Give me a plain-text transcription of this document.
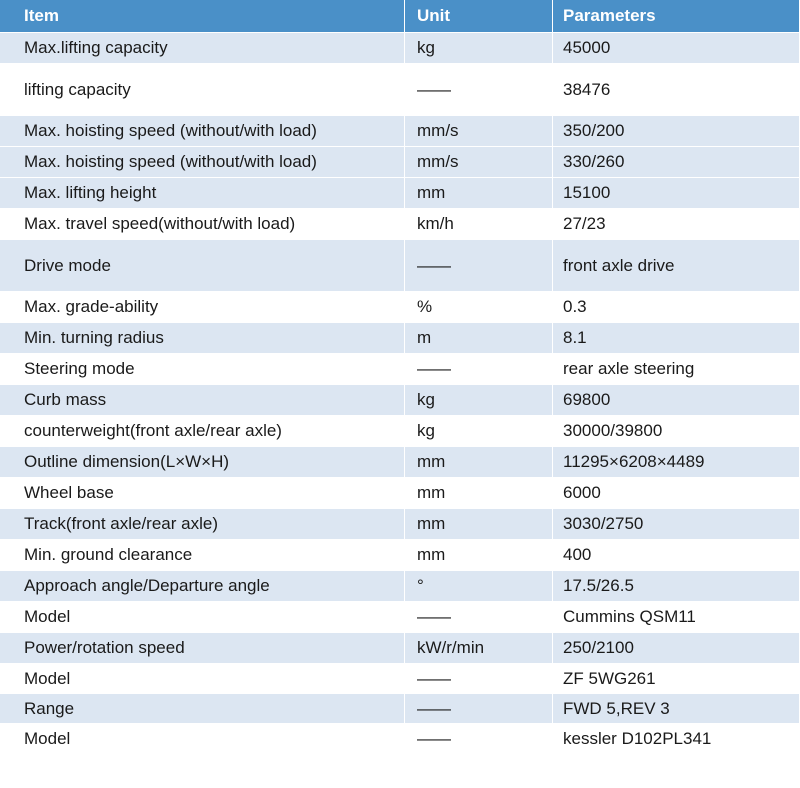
Item	Unit	Parameters
Max.lifting capacity	kg	45000
lifting capacity	——	38476
Max. hoisting speed (without/with load)	mm/s	350/200
Max. hoisting speed (without/with load)	mm/s	330/260
Max. lifting height	mm	15100
Max. travel speed(without/with load)	km/h	27/23
Drive mode	——	front axle drive
Max. grade-ability	%	0.3
Min. turning radius	m	8.1
Steering mode	——	rear axle steering
Curb mass	kg	69800
counterweight(front axle/rear axle)	kg	30000/39800
Outline dimension(L×W×H)	mm	11295×6208×4489
Wheel base	mm	6000
Track(front axle/rear axle)	mm	3030/2750
Min. ground clearance	mm	400
Approach angle/Departure angle	°	17.5/26.5
Model	——	Cummins QSM11
Power/rotation speed	kW/r/min	250/2100
Model	——	ZF 5WG261
Range	——	FWD 5,REV 3
Model	——	kessler D102PL341
